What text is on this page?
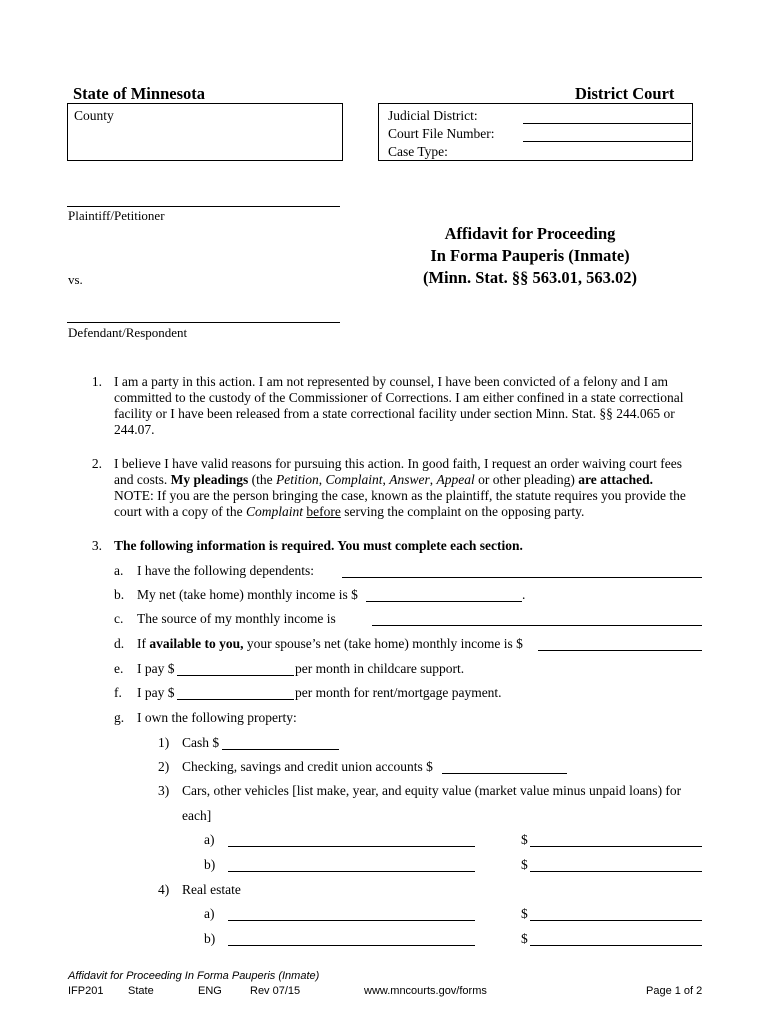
State of Minnesota	District Court
County	Judicial District:
Court File Number:
Case Type:
Plaintiff/Petitioner
vs.
Defendant/Respondent
Affidavit for Proceeding
In Forma Pauperis (Inmate)
(Minn. Stat. §§ 563.01, 563.02)
1. I am a party in this action. I am not represented by counsel, I have been convicted of a felony and I am
committed to the custody of the Commissioner of Corrections. I am either confined in a state correctional
facility or I have been released from a state correctional facility under section Minn. Stat. §§ 244.065 or
244.07.
2. I believe I have valid reasons for pursuing this action. In good faith, I request an order waiving court fees
and costs. My pleadings (the Petition, Complaint, Answer, Appeal or other pleading) are attached.
NOTE: If you are the person bringing the case, known as the plaintiff, the statute requires you provide the
court with a copy of the Complaint before serving the complaint on the opposing party.
3. The following information is required. You must complete each section.
a. I have the following dependents:
b. My net (take home) monthly income is $	.
c. The source of my monthly income is
d. If available to you, your spouse’s net (take home) monthly income is $
e. I pay $	per month in childcare support.
f. I pay $	per month for rent/mortgage payment.
g. I own the following property:
1) Cash $
2) Checking, savings and credit union accounts $
3) Cars, other vehicles [list make, year, and equity value (market value minus unpaid loans) for
each]
a)	$
b)	$
4) Real estate
a)	$
b)	$
Affidavit for Proceeding In Forma Pauperis (Inmate)
IFP201 State	ENG	Rev 07/15	www.mncourts.gov/forms	Page 1 of 2
